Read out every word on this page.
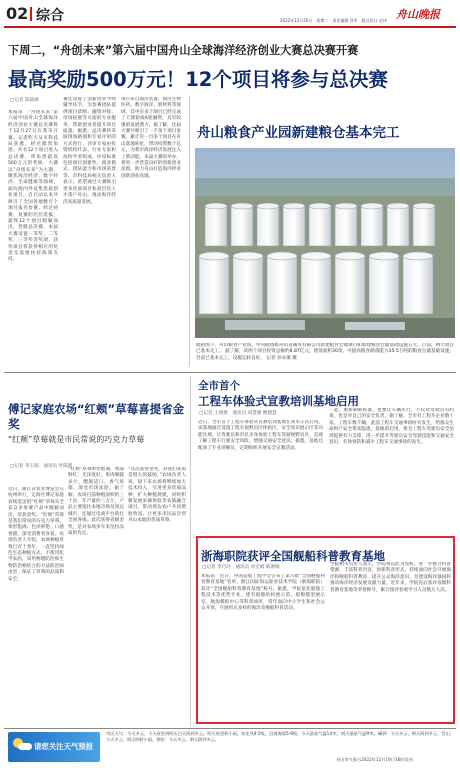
02 综合	舟山晚报
2022年12月20日　星期二　责任编辑 蔡华　版式设计 毛伟
下周二，“舟创未来”第六届中国舟山全球海洋经济创业大赛总决赛开赛
最高奖励500万元！12个项目将参与总决赛
□记者 陈斌翠
本报讯　“舟创未来”第六届中国舟山全球海洋经济创业大赛总决赛将于12月27日在我市开赛。记者昨天从市科技局获悉，经过激烈角逐，共有12个项目进入总决赛，将角逐最高500万元的奖励。大赛以“舟创未来”为主题，聚焦海洋经济、数字经济、生命健康等领域，面向海内外征集优质创业项目，自启动以来共吸引了全国各地数百个项目报名参赛。经过初赛、复赛的层层选拔，最终12个项目脱颖而出，晋级总决赛。本届大赛设置一等奖、二等奖、三等奖等奖项，获奖项目将获得相应的奖金及落地扶持政策支持。
赛还设置了创新创业导师辅导环节，为参赛团队提供项目诊断、融资对接、市场拓展等方面的专业服务，帮助创业者提升项目质量。据悉，总决赛将采取现场路演和专家评审的方式进行，评审专家由投资机构代表、行业专家和高校学者组成，评审标准包括项目创新性、商业模式、团队能力和市场前景等。市科技局相关负责人表示，希望通过大赛吸引更多优质项目和高层次人才落户舟山，推动海洋经济高质量发展。
项目来自海洋装备、海洋生物医药、数字海洋、新材料等领域，其中有多个项目已经完成了天使轮或A轮融资，具有较强的发展潜力。据了解，往届大赛共吸引了一千余个项目参赛，累计有一百多个项目在舟山落地转化，带动投资数十亿元，为我市海洋经济发展注入了新动能。本届大赛的举办，将进一步营造良好的创新创业氛围，助力舟山打造海洋经济创新创业高地。
舟山粮食产业园新建粮仓基本完工
航拍图下，舟山粮食产业园，中央储备粮舟山直属库有限公司新建粮食仓储项目和新建粮食仓储基础设施五大，目前，两大项目已基本完工。 据了解，该两个项目投资总额约8.87亿元，建设面积30余，可提高粮食储备能力35.5万吨的粮食仓储基础设施，目前已基本完工，设施运转良好。 记者 孙永康 摄
傅记家庭农场“红颊”草莓喜提省金奖
“红颊”草莓就是市民常说的巧克力草莓
□记者 李玉娟　通讯员 叶陈明
近日，浙江省农业博览会在杭州举行，定海区傅记家庭农场选送的“红颊”草莓从全省众多参赛产品中脱颖而出，荣获金奖。“红颊”草莓是我们常说的巧克力草莓，果形饱满、色泽鲜艳、口感香甜，深受消费者喜爱。农场负责人介绍，农场种植草莓已有十余年，一直坚持绿色生态种植方式，不使用化学农药，采用物理防治和生物防治相结合的方法防治病虫害，保证了草莓的品质和安全。
“红颊”草莓果形饱满，果面鲜红、光泽度好，果肉细腻多汁，酸甜适口，香气浓郁，深受市场欢迎。据了解，农场目前种植面积约三十亩，年产量约三万斤，产品主要销往本地市场及周边城市，还通过电商平台销往全国各地。此次获得省级金奖，是对农场多年来坚持品质的肯定。
“这次获得金奖，对我们来说是很大的鼓励，”农场负责人说，接下来农场将继续加大技术投入，引进更多优质品种，扩大种植规模，同时积极发展采摘体验等农旅融合项目，带动周边农户共同增收致富，让更多市民品尝到舟山本地的优质草莓。
全市首个
工程车体验式宣教培训基地启用
□记者 王倩倩　通讯员 胡慧强 鲍德慧
近日，全市首个工程车体验式宣教培训基地在我市正式启用。该基地通过设置工程车视野盲区体验区、安全知识展示区等功能区域，让驾驶员和市民亲身体验工程车驾驶视野盲区，直观了解工程车行驶安全风险，增强交通安全意识。据悉，基地还配备了专业讲解员，定期组织开展安全宣教活动。
一起，重新刷新标准，也要让车辆先行，不仅对驾驶员有约束，也是对自己的安全负责。据了解，全市有工程车企业数十家，工程车数千辆，此前工程车交通事故时有发生，给群众生命财产安全带来隐患。基地的启用，将为工程车驾驶员安全培训提供有力支撑，进一步提升驾驶员安全驾驶技能和交通安全意识，有效预防和减少工程车交通事故的发生。
浙海职院获评全国舰船科普教育基地
□记者 李巧玲　通讯员 卓宏娟 陈浙旖
本报讯　近日，中国造船工程学会公布了第六批“全国舰船科普教育基地”名单，浙江国际海运职业技术学院（浙海职院）获评“全国舰船科普教育基地”称号。据悉，学院依托船舶工程技术等优势专业，建有船舶结构展示馆、船舶模型展示室、航海模拟中心等科普场所，常年面向中小学生和社会公众开放，开展形式多样的海洋及舰船科普活动。
学院相关负责人表示，学院将以此为契机，进一步整合科普资源，丰富科普内容，创新科普形式，持续面向社会开展海洋和舰船科普教育，提升公众海洋意识，为建设海洋强国和推动海洋经济发展贡献力量。近年来，学院先后获评省级科普教育基地等荣誉称号，累计接待参观学习人员数万人次。
请您关注天气预报
市区天气：今天多云，今天夜里到明天白天阴到多云，明天夜里转小雨。东北风4-5级，沿海海面5-6级。今天最高气温14℃，明天最低气温9℃。嵊泗：今天多云，明天阴到多云。岱山：今天多云，明天阴转小雨。普陀：今天多云，明天阴到多云。
舟山市气象台2022年12月19日16时发布
